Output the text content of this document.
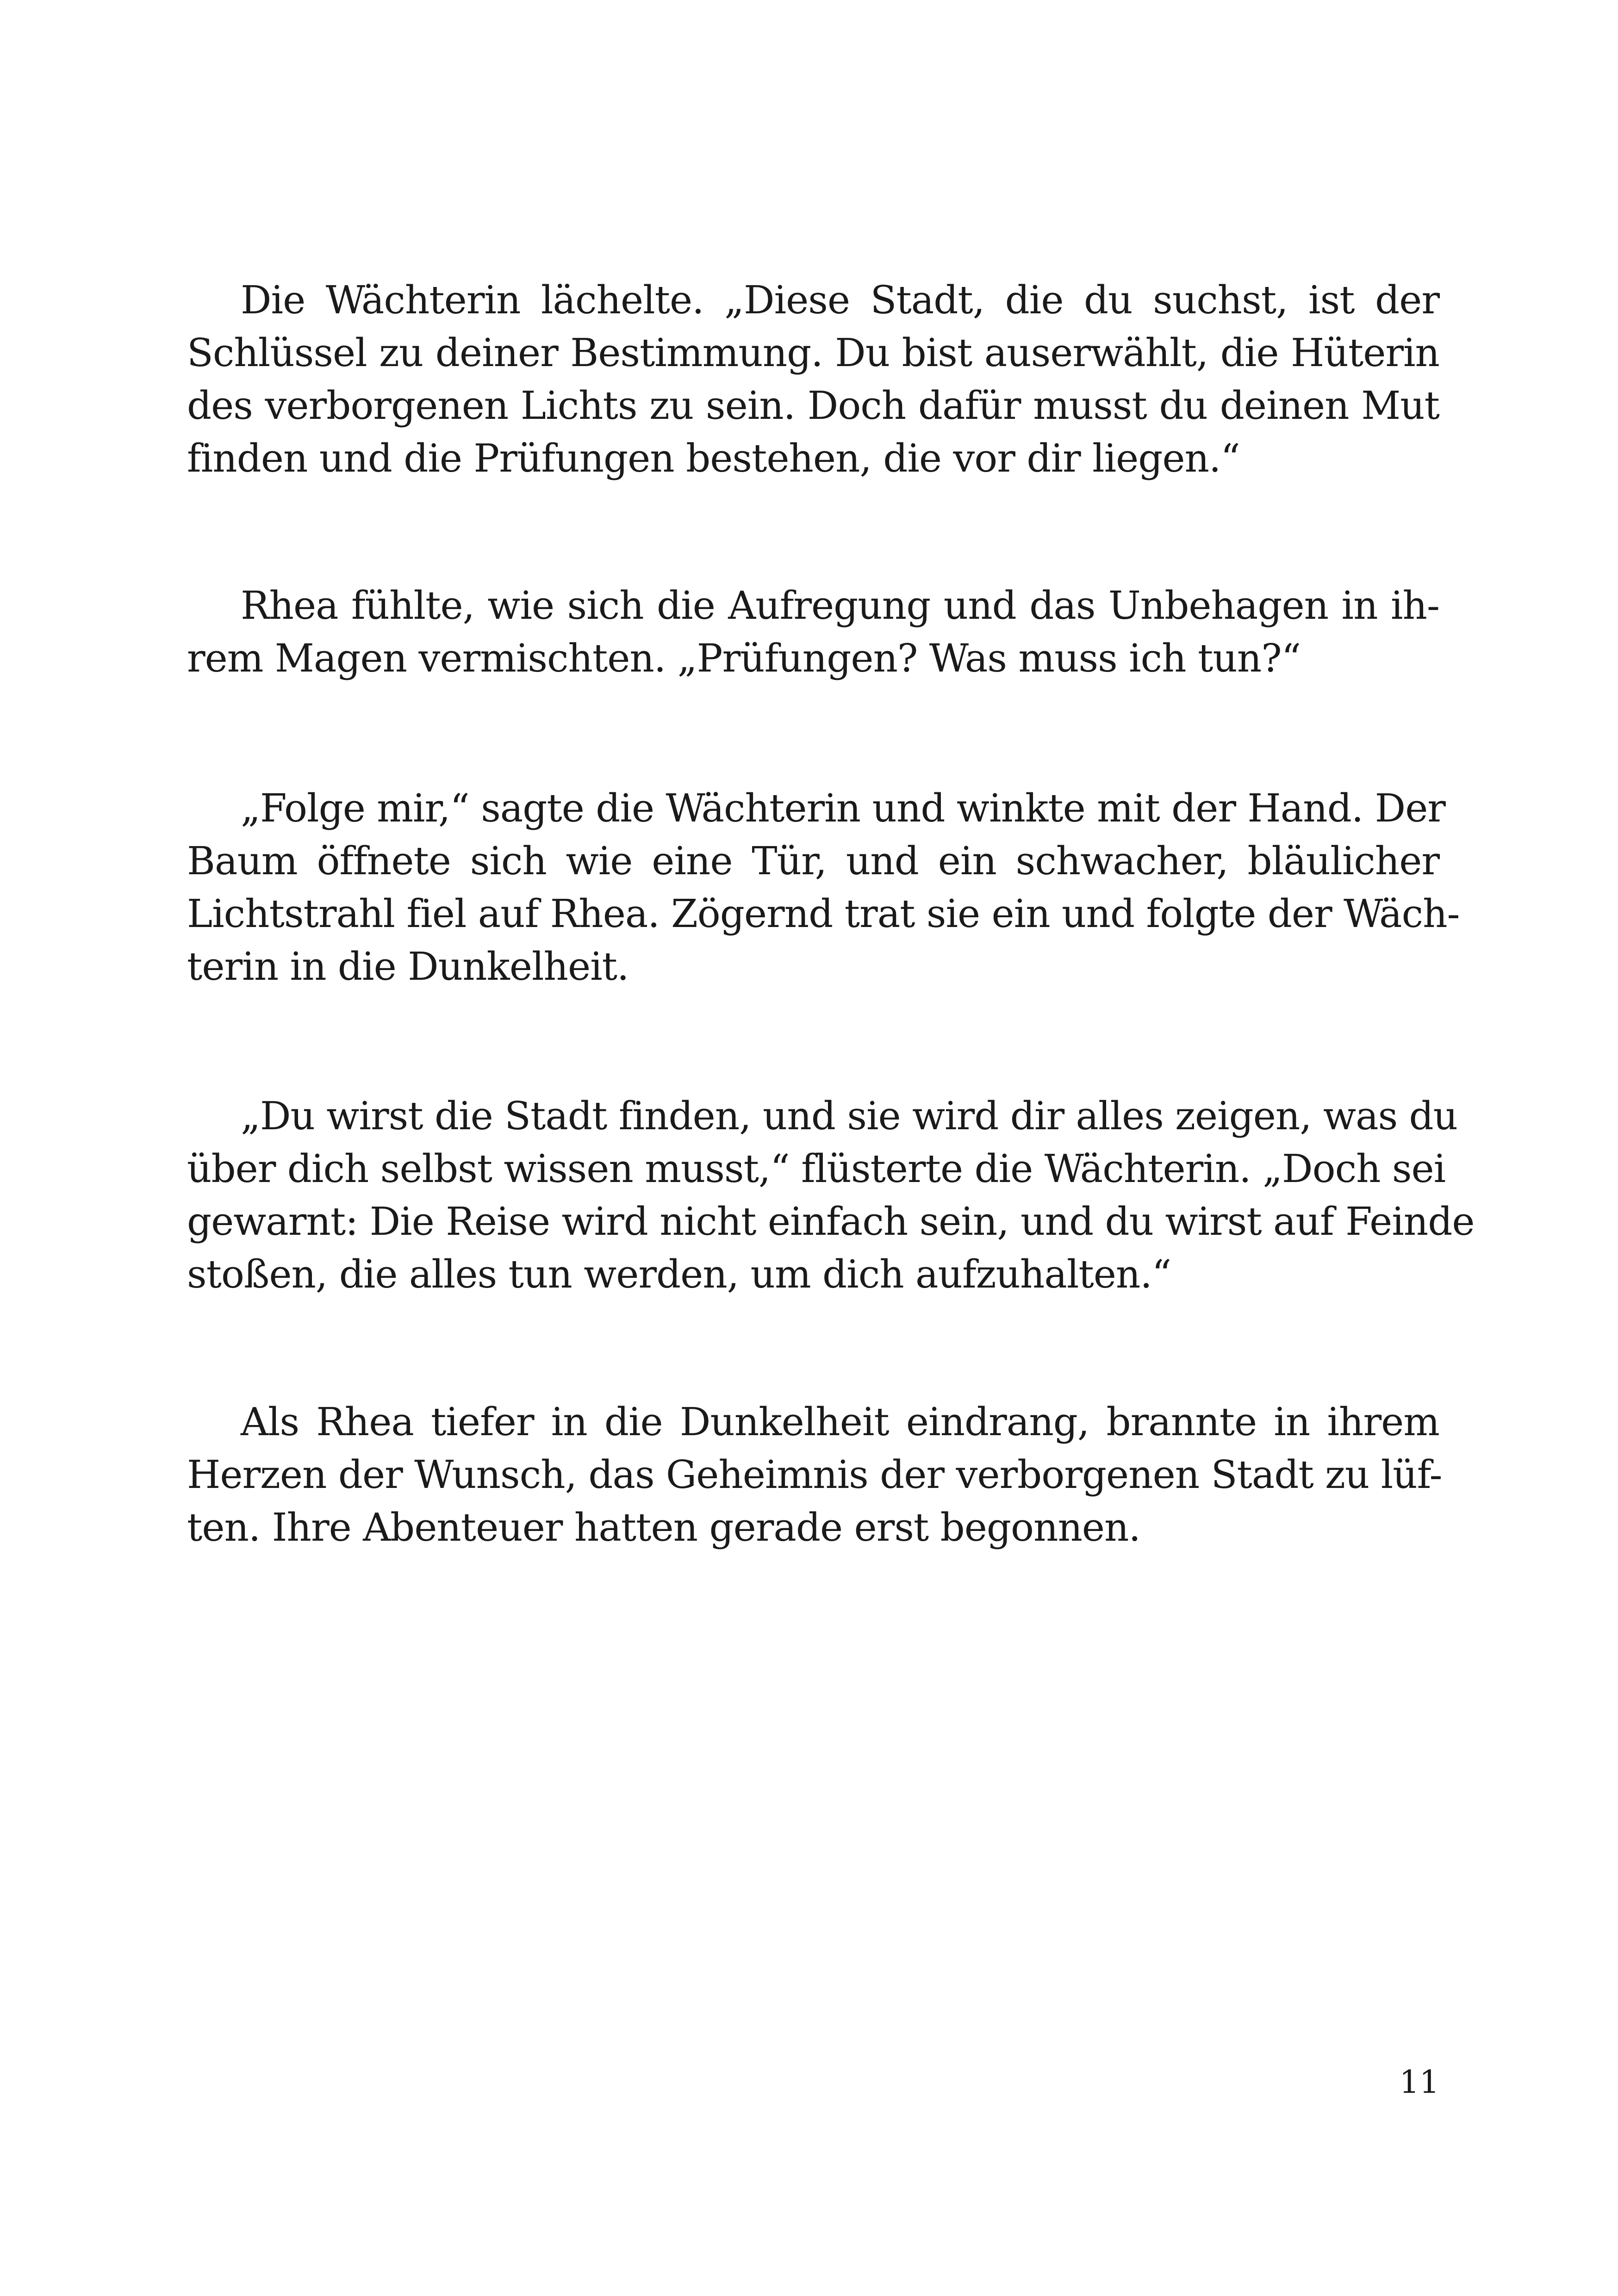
Die Wächterin lächelte. „Diese Stadt, die du suchst, ist der
Schlüssel zu deiner Bestimmung. Du bist auserwählt, die Hüterin
des verborgenen Lichts zu sein. Doch dafür musst du deinen Mut
finden und die Prüfungen bestehen, die vor dir liegen.“
Rhea fühlte, wie sich die Aufregung und das Unbehagen in ih-
rem Magen vermischten. „Prüfungen? Was muss ich tun?“
„Folge mir,“ sagte die Wächterin und winkte mit der Hand. Der
Baum öffnete sich wie eine Tür, und ein schwacher, bläulicher
Lichtstrahl fiel auf Rhea. Zögernd trat sie ein und folgte der Wäch-
terin in die Dunkelheit.
„Du wirst die Stadt finden, und sie wird dir alles zeigen, was du
über dich selbst wissen musst,“ flüsterte die Wächterin. „Doch sei
gewarnt: Die Reise wird nicht einfach sein, und du wirst auf Feinde
stoßen, die alles tun werden, um dich aufzuhalten.“
Als Rhea tiefer in die Dunkelheit eindrang, brannte in ihrem
Herzen der Wunsch, das Geheimnis der verborgenen Stadt zu lüf-
ten. Ihre Abenteuer hatten gerade erst begonnen.
11
